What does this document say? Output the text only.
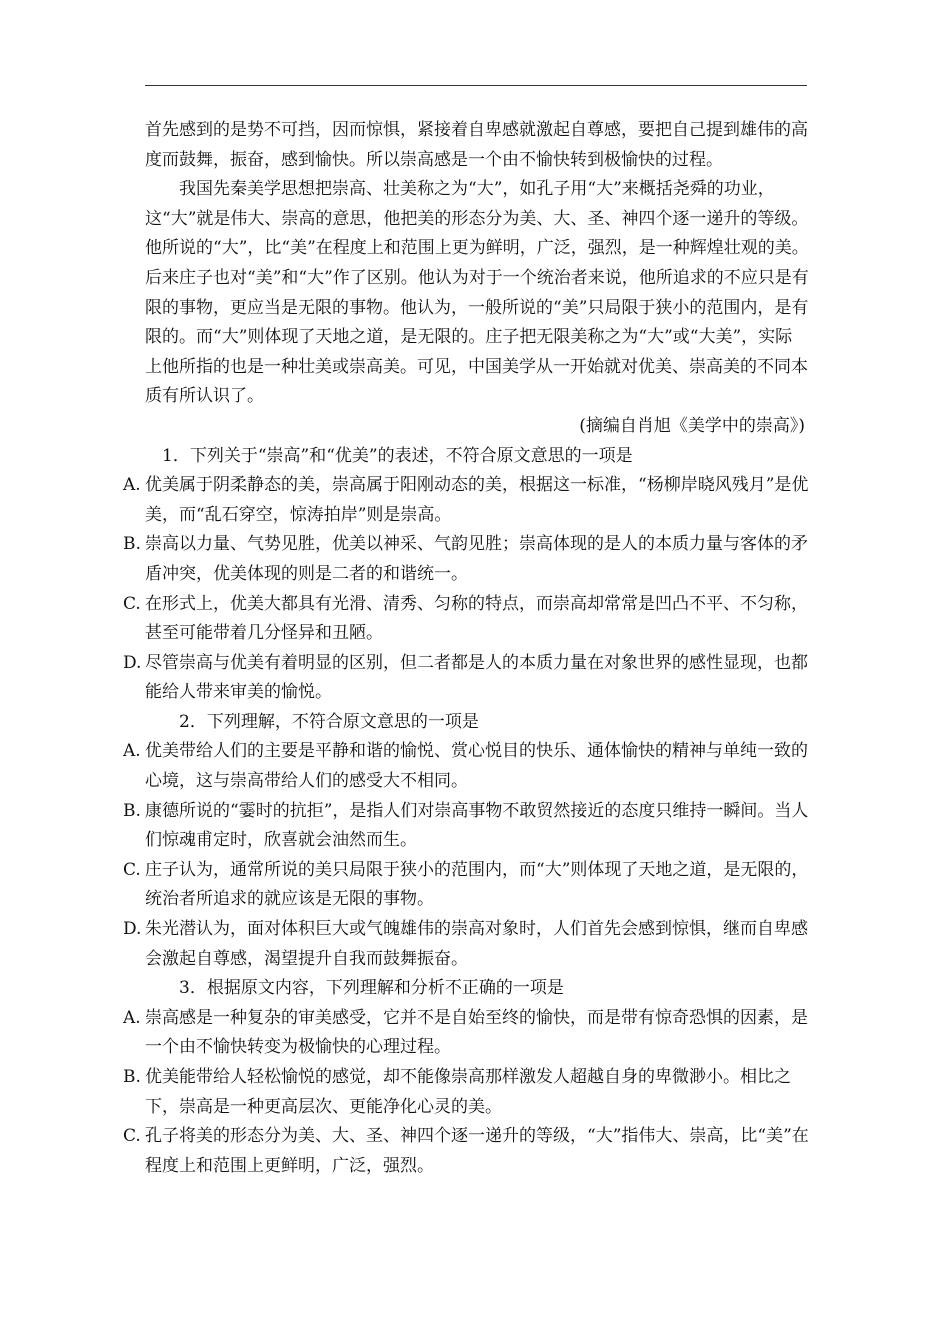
首先感到的是势不可挡，因而惊惧，紧接着自卑感就激起自尊感，要把自己提到雄伟的高度而鼓舞，振奋，感到愉快。所以崇高感是一个由不愉快转到极愉快的过程。

我国先秦美学思想把崇高、壮美称之为“大”，如孔子用“大”来概括尧舜的功业，这“大”就是伟大、崇高的意思，他把美的形态分为美、大、圣、神四个逐一递升的等级。他所说的“大”，比“美”在程度上和范围上更为鲜明，广泛，强烈，是一种辉煌壮观的美。后来庄子也对“美”和“大”作了区别。他认为对于一个统治者来说，他所追求的不应只是有限的事物，更应当是无限的事物。他认为，一般所说的“美”只局限于狭小的范围内，是有限的。而“大”则体现了天地之道，是无限的。庄子把无限美称之为“大”或“大美”，实际上他所指的也是一种壮美或崇高美。可见，中国美学从一开始就对优美、崇高美的不同本质有所认识了。

(摘编自肖旭《美学中的崇高》)

1．下列关于“崇高”和“优美”的表述，不符合原文意思的一项是

A. 优美属于阴柔静态的美，崇高属于阳刚动态的美，根据这一标准，“杨柳岸晓风残月”是优美，而“乱石穿空，惊涛拍岸”则是崇高。
B. 崇高以力量、气势见胜，优美以神采、气韵见胜；崇高体现的是人的本质力量与客体的矛盾冲突，优美体现的则是二者的和谐统一。
C. 在形式上，优美大都具有光滑、清秀、匀称的特点，而崇高却常常是凹凸不平、不匀称，甚至可能带着几分怪异和丑陋。
D. 尽管崇高与优美有着明显的区别，但二者都是人的本质力量在对象世界的感性显现，也都能给人带来审美的愉悦。

2．下列理解，不符合原文意思的一项是

A. 优美带给人们的主要是平静和谐的愉悦、赏心悦目的快乐、通体愉快的精神与单纯一致的心境，这与崇高带给人们的感受大不相同。
B. 康德所说的“霎时的抗拒”，是指人们对崇高事物不敢贸然接近的态度只维持一瞬间。当人们惊魂甫定时，欣喜就会油然而生。
C. 庄子认为，通常所说的美只局限于狭小的范围内，而“大”则体现了天地之道，是无限的，统治者所追求的就应该是无限的事物。
D. 朱光潜认为，面对体积巨大或气魄雄伟的崇高对象时，人们首先会感到惊惧，继而自卑感会激起自尊感，渴望提升自我而鼓舞振奋。

3．根据原文内容，下列理解和分析不正确的一项是

A. 崇高感是一种复杂的审美感受，它并不是自始至终的愉快，而是带有惊奇恐惧的因素，是一个由不愉快转变为极愉快的心理过程。
B. 优美能带给人轻松愉悦的感觉，却不能像崇高那样激发人超越自身的卑微渺小。相比之下，崇高是一种更高层次、更能净化心灵的美。
C. 孔子将美的形态分为美、大、圣、神四个逐一递升的等级，“大”指伟大、崇高，比“美”在程度上和范围上更鲜明，广泛，强烈。
